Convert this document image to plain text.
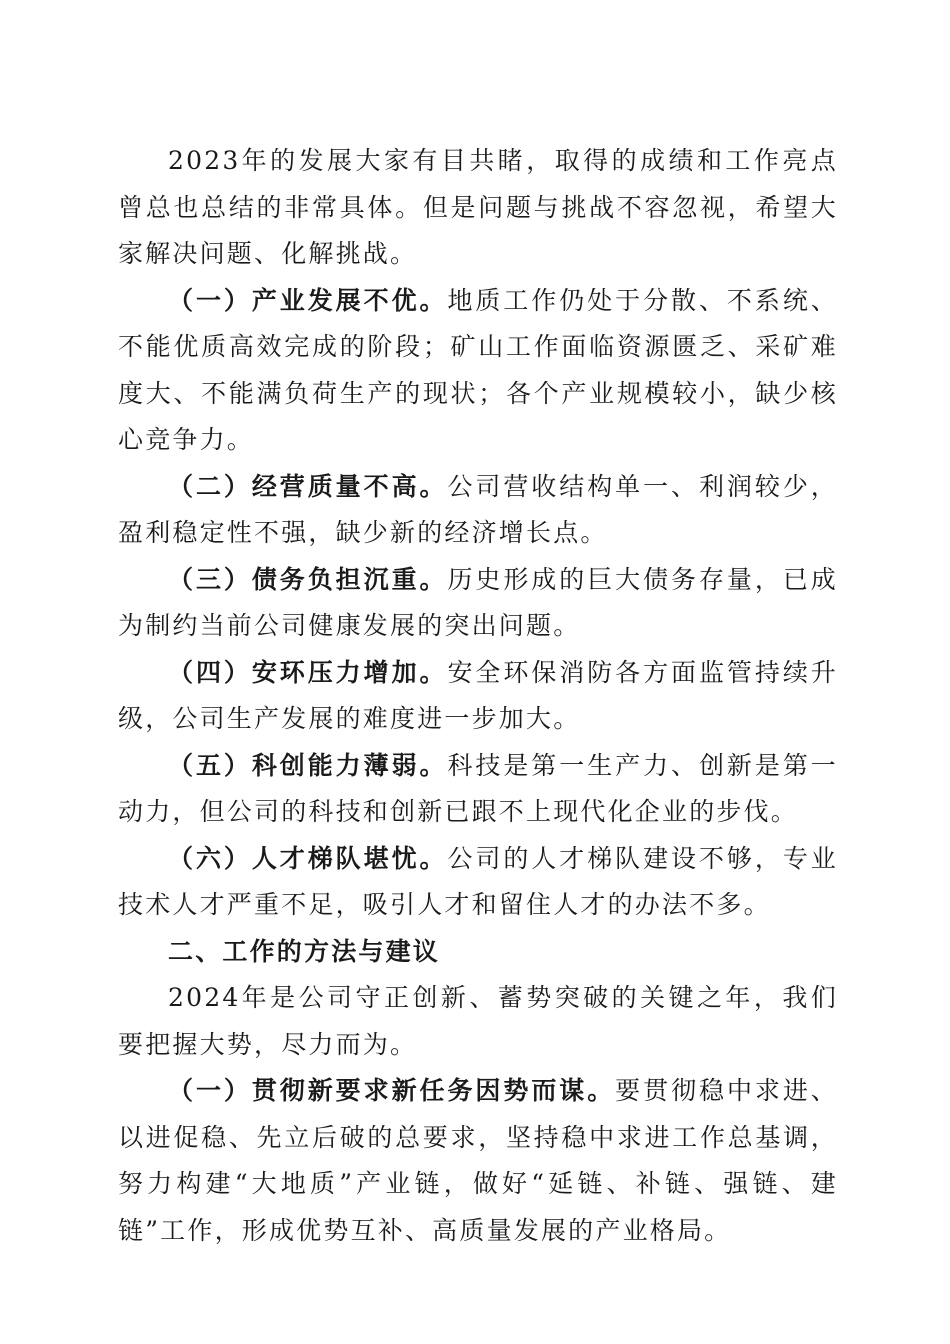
2023年的发展大家有目共睹，取得的成绩和工作亮点曾总也总结的非常具体。但是问题与挑战不容忽视，希望大家解决问题、化解挑战。

（一）产业发展不优。地质工作仍处于分散、不系统、不能优质高效完成的阶段；矿山工作面临资源匮乏、采矿难度大、不能满负荷生产的现状；各个产业规模较小，缺少核心竞争力。

（二）经营质量不高。公司营收结构单一、利润较少，盈利稳定性不强，缺少新的经济增长点。

（三）债务负担沉重。历史形成的巨大债务存量，已成为制约当前公司健康发展的突出问题。

（四）安环压力增加。安全环保消防各方面监管持续升级，公司生产发展的难度进一步加大。

（五）科创能力薄弱。科技是第一生产力、创新是第一动力，但公司的科技和创新已跟不上现代化企业的步伐。

（六）人才梯队堪忧。公司的人才梯队建设不够，专业技术人才严重不足，吸引人才和留住人才的办法不多。

二、工作的方法与建议

2024年是公司守正创新、蓄势突破的关键之年，我们要把握大势，尽力而为。

（一）贯彻新要求新任务因势而谋。要贯彻稳中求进、以进促稳、先立后破的总要求，坚持稳中求进工作总基调，努力构建“大地质”产业链，做好“延链、补链、强链、建链”工作，形成优势互补、高质量发展的产业格局。
